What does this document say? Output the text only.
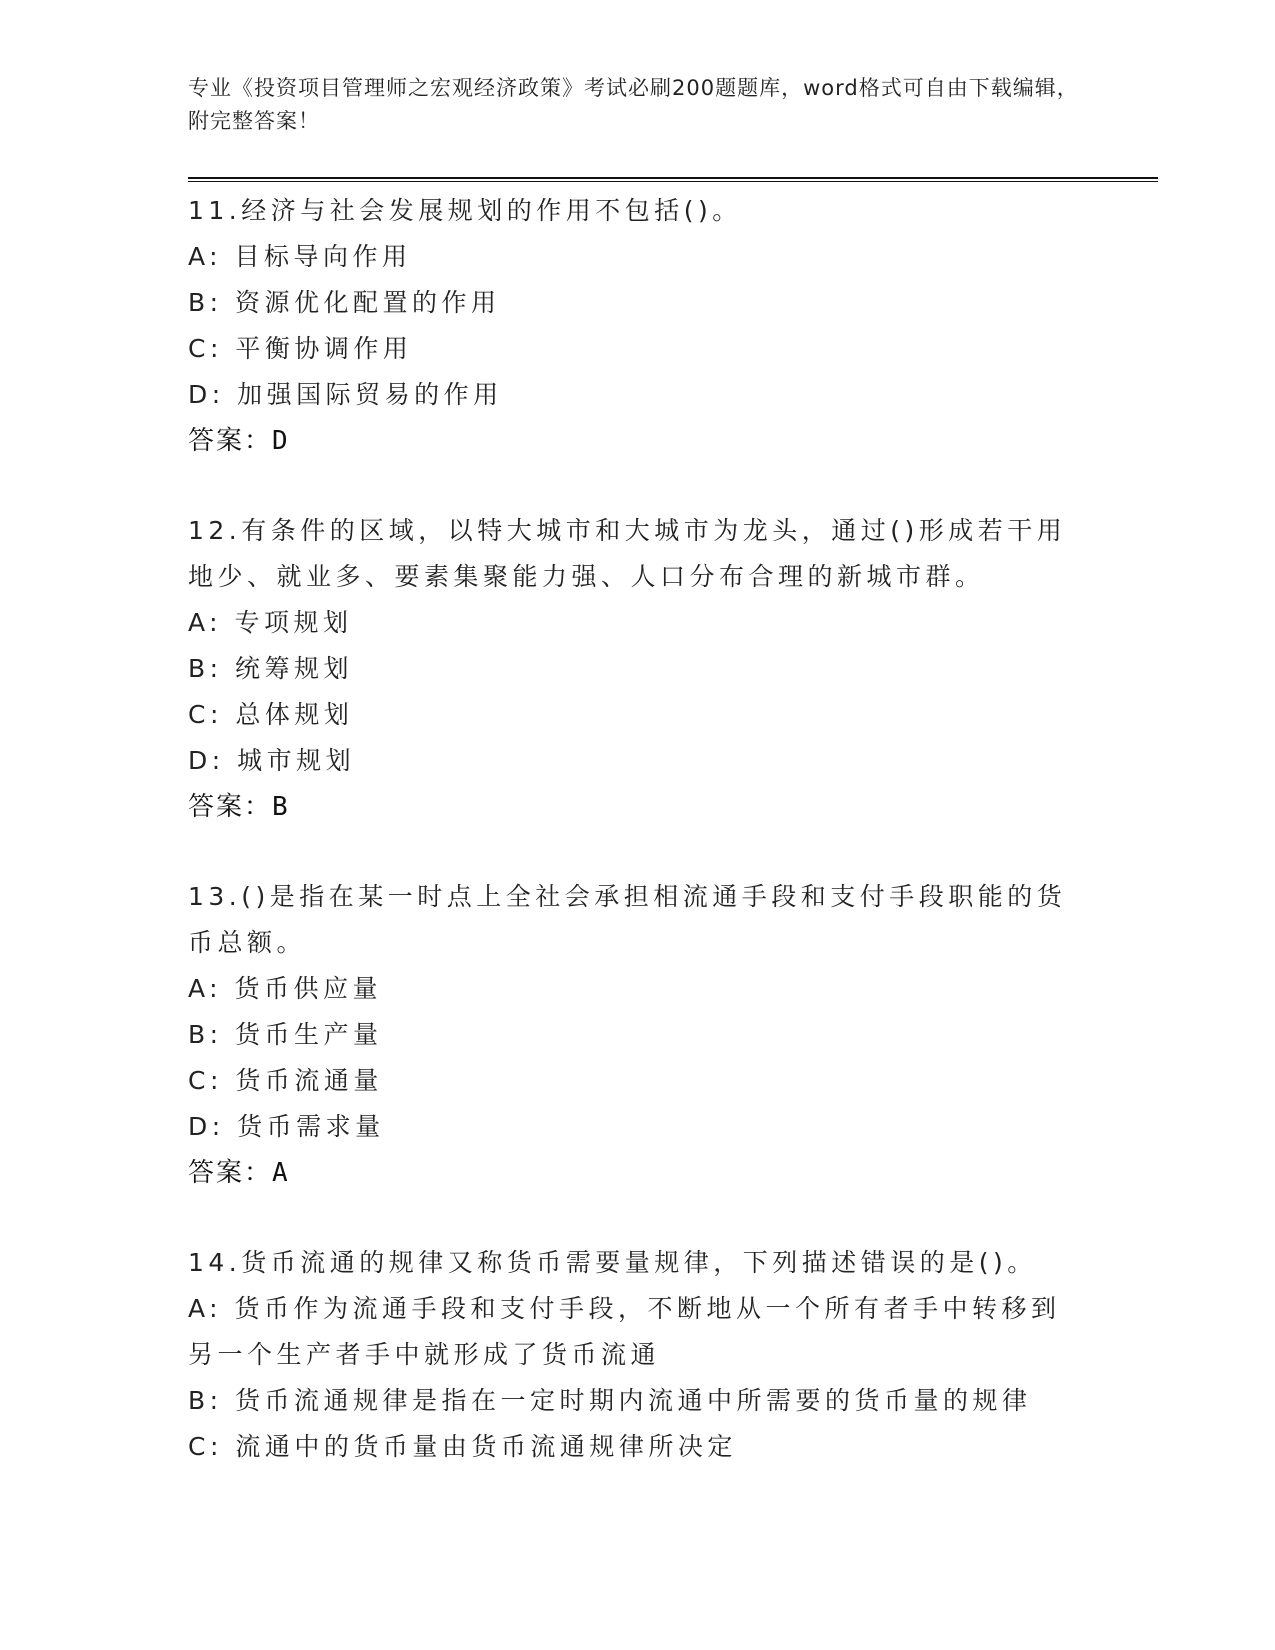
专业《投资项目管理师之宏观经济政策》考试必刷200题题库，word格式可自由下载编辑，附完整答案！
11.经济与社会发展规划的作用不包括()。
A: 目标导向作用
B: 资源优化配置的作用
C: 平衡协调作用
D: 加强国际贸易的作用
答案：D
12.有条件的区域，以特大城市和大城市为龙头，通过()形成若干用地少、就业多、要素集聚能力强、人口分布合理的新城市群。
A: 专项规划
B: 统筹规划
C: 总体规划
D: 城市规划
答案：B
13.()是指在某一时点上全社会承担相流通手段和支付手段职能的货币总额。
A: 货币供应量
B: 货币生产量
C: 货币流通量
D: 货币需求量
答案：A
14.货币流通的规律又称货币需要量规律，下列描述错误的是()。
A: 货币作为流通手段和支付手段，不断地从一个所有者手中转移到另一个生产者手中就形成了货币流通
B: 货币流通规律是指在一定时期内流通中所需要的货币量的规律
C: 流通中的货币量由货币流通规律所决定
